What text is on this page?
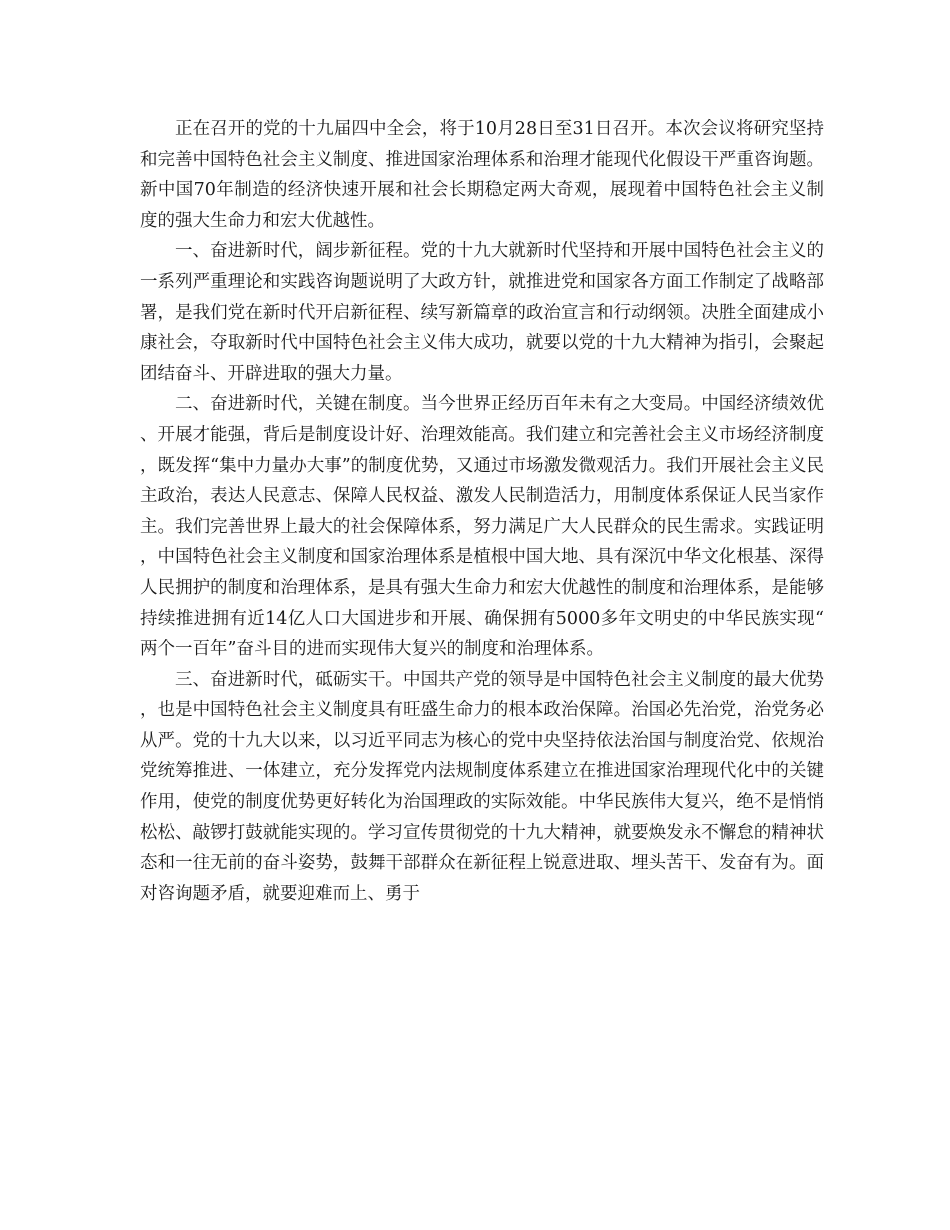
正在召开的党的十九届四中全会，将于10月28日至31日召开。本次会议将研究坚持和完善中国特色社会主义制度、推进国家治理体系和治理才能现代化假设干严重咨询题。新中国70年制造的经济快速开展和社会长期稳定两大奇观，展现着中国特色社会主义制度的强大生命力和宏大优越性。

一、奋进新时代，阔步新征程。党的十九大就新时代坚持和开展中国特色社会主义的一系列严重理论和实践咨询题说明了大政方针，就推进党和国家各方面工作制定了战略部署，是我们党在新时代开启新征程、续写新篇章的政治宣言和行动纲领。决胜全面建成小康社会，夺取新时代中国特色社会主义伟大成功，就要以党的十九大精神为指引，会聚起团结奋斗、开辟进取的强大力量。

二、奋进新时代，关键在制度。当今世界正经历百年未有之大变局。中国经济绩效优、开展才能强，背后是制度设计好、治理效能高。我们建立和完善社会主义市场经济制度，既发挥“集中力量办大事”的制度优势，又通过市场激发微观活力。我们开展社会主义民主政治，表达人民意志、保障人民权益、激发人民制造活力，用制度体系保证人民当家作主。我们完善世界上最大的社会保障体系，努力满足广大人民群众的民生需求。实践证明，中国特色社会主义制度和国家治理体系是植根中国大地、具有深沉中华文化根基、深得人民拥护的制度和治理体系，是具有强大生命力和宏大优越性的制度和治理体系，是能够持续推进拥有近14亿人口大国进步和开展、确保拥有5000多年文明史的中华民族实现“两个一百年”奋斗目的进而实现伟大复兴的制度和治理体系。

三、奋进新时代，砥砺实干。中国共产党的领导是中国特色社会主义制度的最大优势，也是中国特色社会主义制度具有旺盛生命力的根本政治保障。治国必先治党，治党务必从严。党的十九大以来，以习近平同志为核心的党中央坚持依法治国与制度治党、依规治党统筹推进、一体建立，充分发挥党内法规制度体系建立在推进国家治理现代化中的关键作用，使党的制度优势更好转化为治国理政的实际效能。中华民族伟大复兴，绝不是悄悄松松、敲锣打鼓就能实现的。学习宣传贯彻党的十九大精神，就要焕发永不懈怠的精神状态和一往无前的奋斗姿势，鼓舞干部群众在新征程上锐意进取、埋头苦干、发奋有为。面对咨询题矛盾，就要迎难而上、勇于
